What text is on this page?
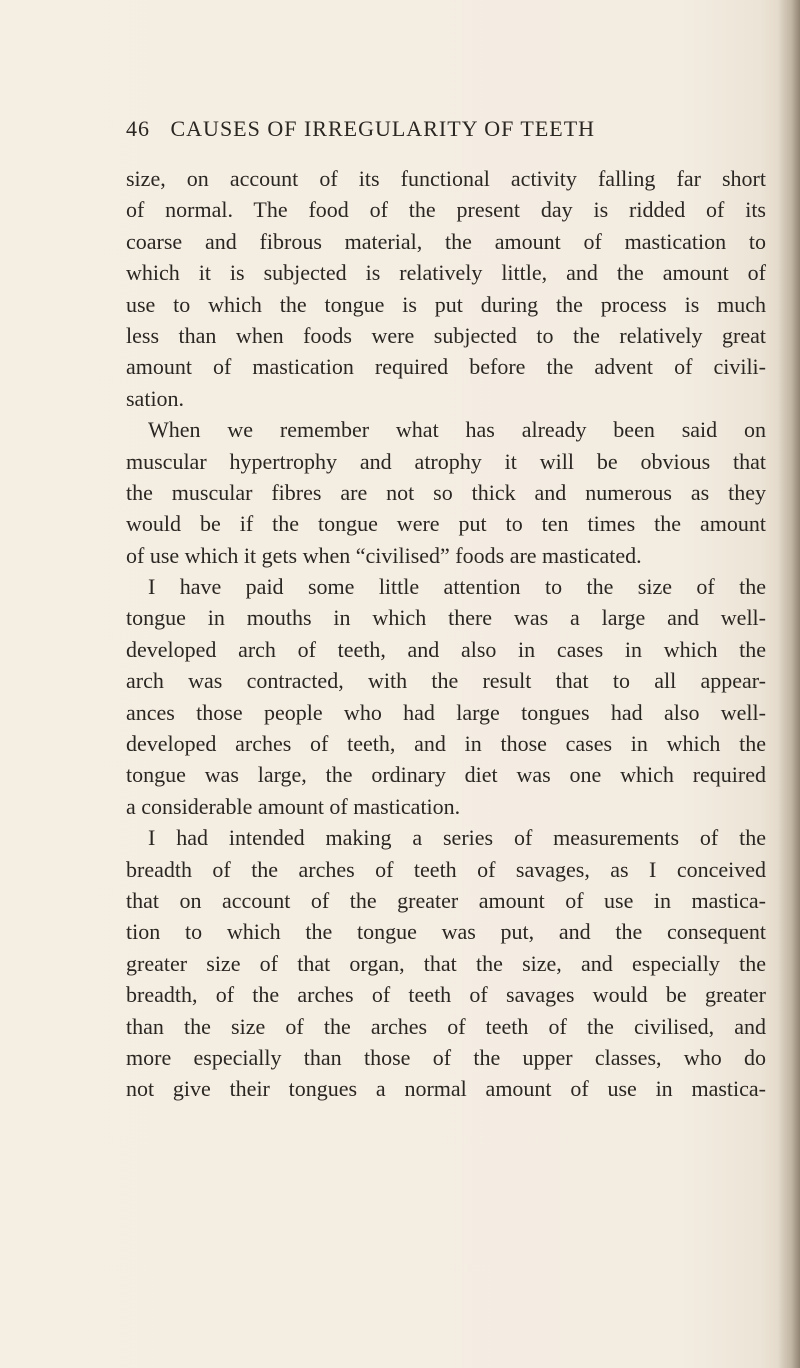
46 CAUSES OF IRREGULARITY OF TEETH
size, on account of its functional activity falling far short
of normal. The food of the present day is ridded of its
coarse and fibrous material, the amount of mastication to
which it is subjected is relatively little, and the amount of
use to which the tongue is put during the process is much
less than when foods were subjected to the relatively great
amount of mastication required before the advent of civili-
sation.
When we remember what has already been said on
muscular hypertrophy and atrophy it will be obvious that
the muscular fibres are not so thick and numerous as they
would be if the tongue were put to ten times the amount
of use which it gets when “civilised” foods are masticated.
I have paid some little attention to the size of the
tongue in mouths in which there was a large and well-
developed arch of teeth, and also in cases in which the
arch was contracted, with the result that to all appear-
ances those people who had large tongues had also well-
developed arches of teeth, and in those cases in which the
tongue was large, the ordinary diet was one which required
a considerable amount of mastication.
I had intended making a series of measurements of the
breadth of the arches of teeth of savages, as I conceived
that on account of the greater amount of use in mastica-
tion to which the tongue was put, and the consequent
greater size of that organ, that the size, and especially the
breadth, of the arches of teeth of savages would be greater
than the size of the arches of teeth of the civilised, and
more especially than those of the upper classes, who do
not give their tongues a normal amount of use in mastica-
